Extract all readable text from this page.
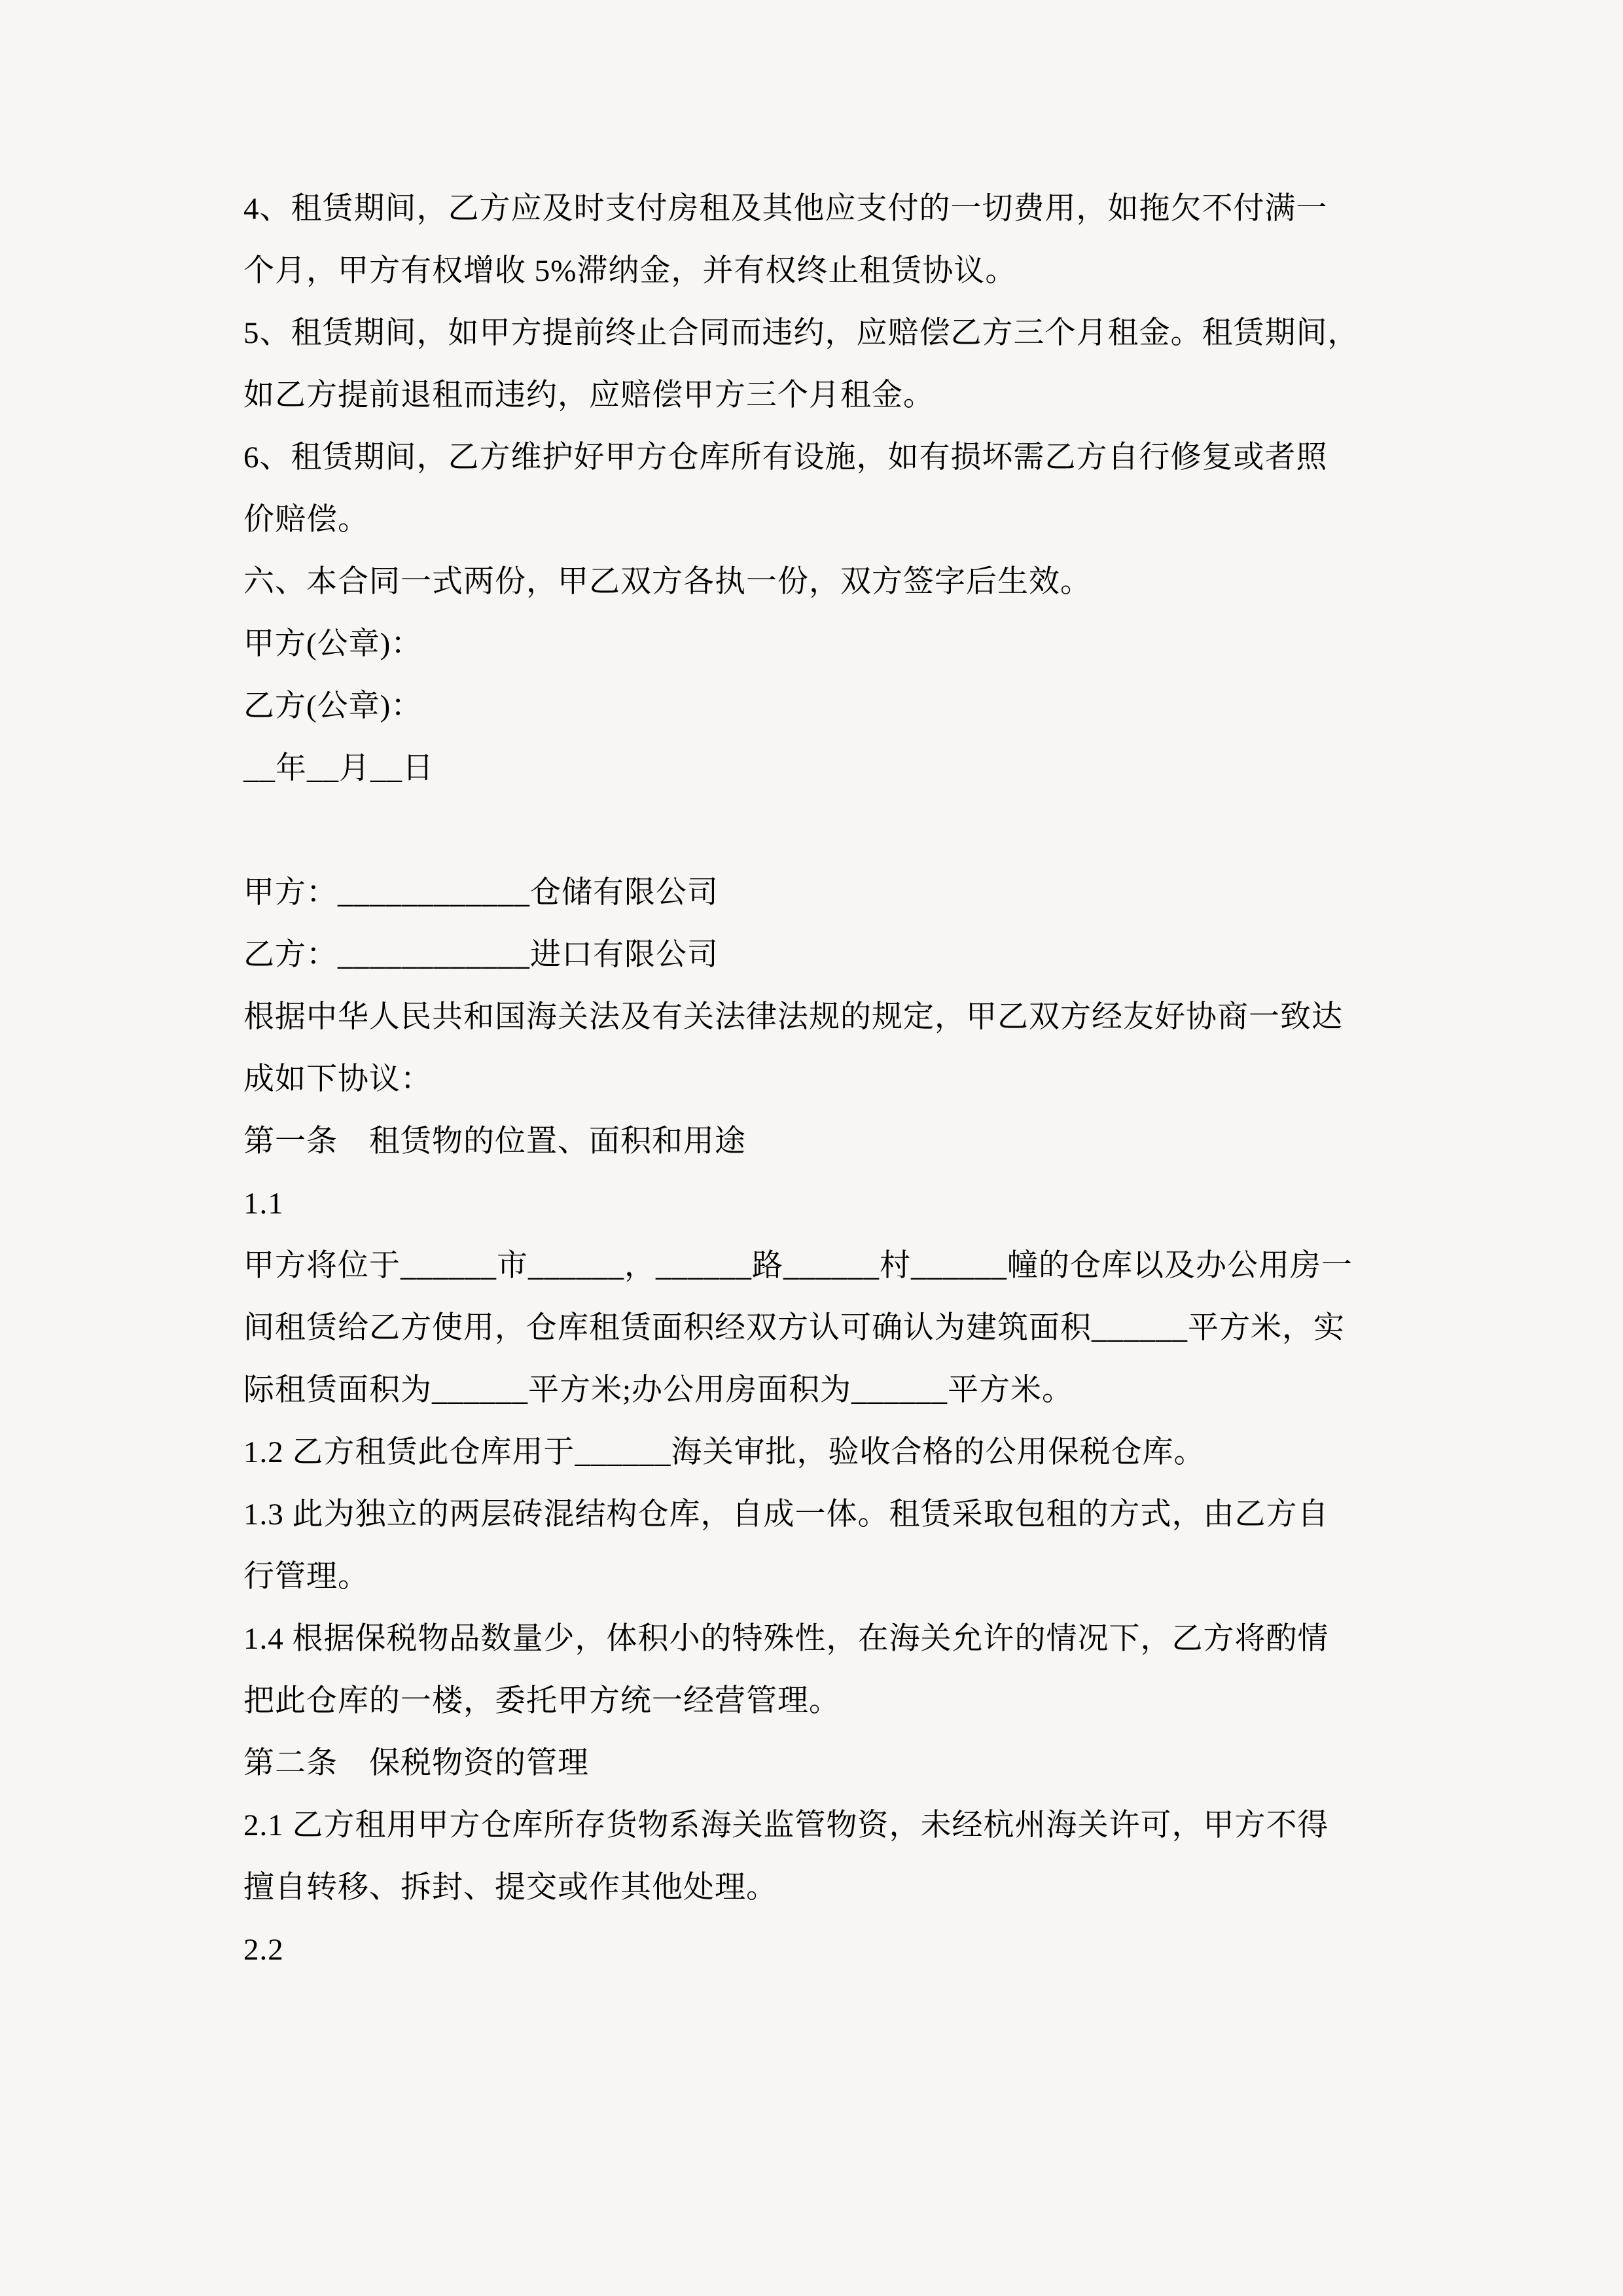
4、租赁期间，乙方应及时支付房租及其他应支付的一切费用，如拖欠不付满一
个月，甲方有权增收 5%滞纳金，并有权终止租赁协议。
5、租赁期间，如甲方提前终止合同而违约，应赔偿乙方三个月租金。租赁期间，
如乙方提前退租而违约，应赔偿甲方三个月租金。
6、租赁期间，乙方维护好甲方仓库所有设施，如有损坏需乙方自行修复或者照
价赔偿。
六、本合同一式两份，甲乙双方各执一份，双方签字后生效。
甲方(公章)：
乙方(公章)：
__年__月__日
甲方：____________仓储有限公司
乙方：____________进口有限公司
根据中华人民共和国海关法及有关法律法规的规定，甲乙双方经友好协商一致达
成如下协议：
第一条　租赁物的位置、面积和用途
1.1
甲方将位于______市______，______路______村______幢的仓库以及办公用房一
间租赁给乙方使用，仓库租赁面积经双方认可确认为建筑面积______平方米，实
际租赁面积为______平方米;办公用房面积为______平方米。
1.2 乙方租赁此仓库用于______海关审批，验收合格的公用保税仓库。
1.3 此为独立的两层砖混结构仓库，自成一体。租赁采取包租的方式，由乙方自
行管理。
1.4 根据保税物品数量少，体积小的特殊性，在海关允许的情况下，乙方将酌情
把此仓库的一楼，委托甲方统一经营管理。
第二条　保税物资的管理
2.1 乙方租用甲方仓库所存货物系海关监管物资，未经杭州海关许可，甲方不得
擅自转移、拆封、提交或作其他处理。
2.2
